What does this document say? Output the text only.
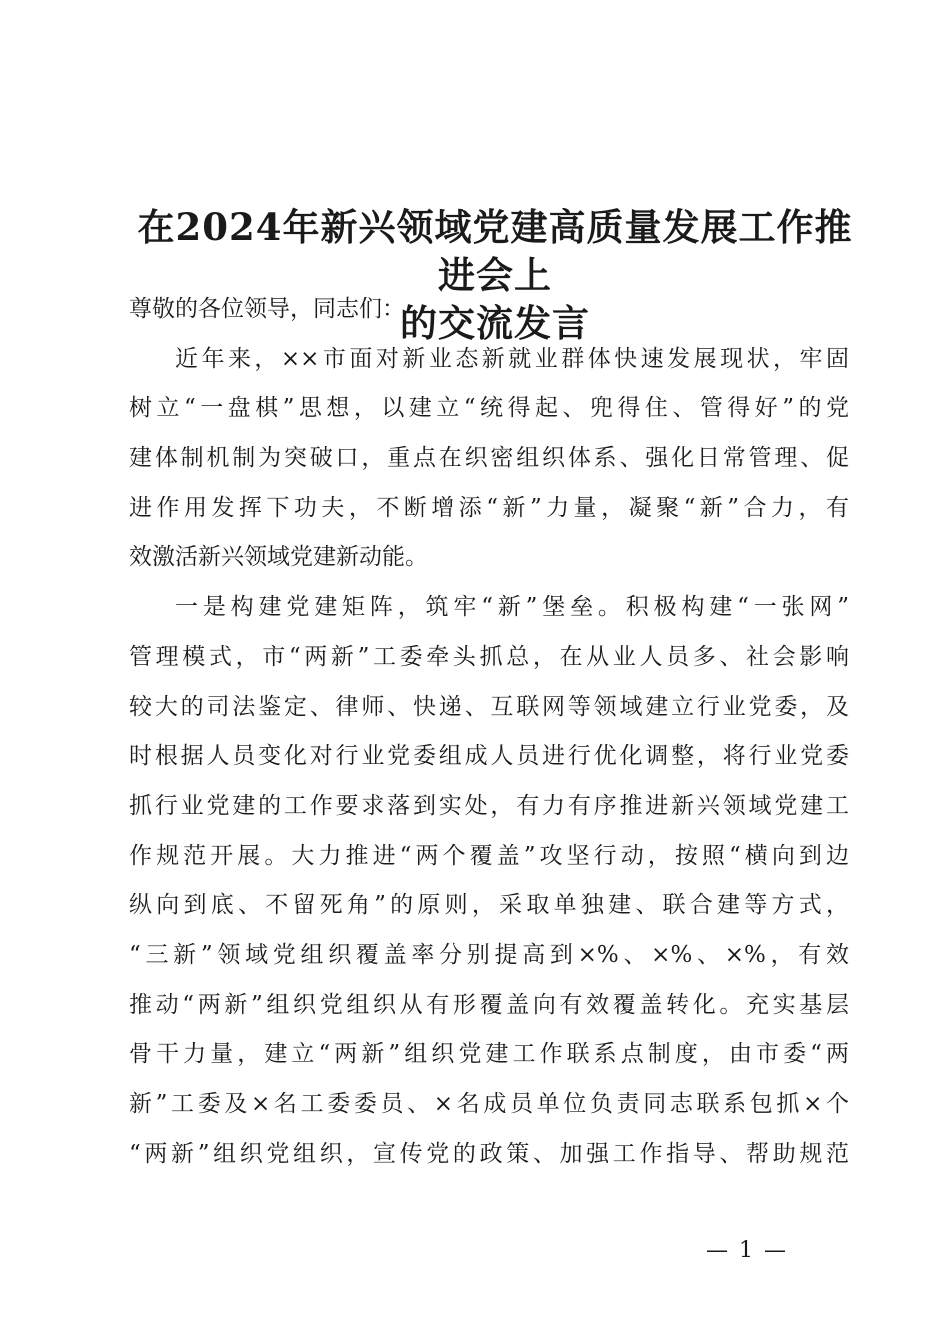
在2024年新兴领域党建高质量发展工作推进会上
的交流发言
尊敬的各位领导，同志们：
近年来，××市面对新业态新就业群体快速发展现状，牢固
树立“一盘棋”思想，以建立“统得起、兜得住、管得好”的党
建体制机制为突破口，重点在织密组织体系、强化日常管理、促
进作用发挥下功夫，不断增添“新”力量，凝聚“新”合力，有
效激活新兴领域党建新动能。
一是构建党建矩阵，筑牢“新”堡垒。积极构建“一张网”
管理模式，市“两新”工委牵头抓总，在从业人员多、社会影响
较大的司法鉴定、律师、快递、互联网等领域建立行业党委，及
时根据人员变化对行业党委组成人员进行优化调整，将行业党委
抓行业党建的工作要求落到实处，有力有序推进新兴领域党建工
作规范开展。大力推进“两个覆盖”攻坚行动，按照“横向到边
纵向到底、不留死角”的原则，采取单独建、联合建等方式，
“三新”领域党组织覆盖率分别提高到×%、×%、×%，有效
推动“两新”组织党组织从有形覆盖向有效覆盖转化。充实基层
骨干力量，建立“两新”组织党建工作联系点制度，由市委“两
新”工委及×名工委委员、×名成员单位负责同志联系包抓×个
“两新”组织党组织，宣传党的政策、加强工作指导、帮助规范
— 1 —
